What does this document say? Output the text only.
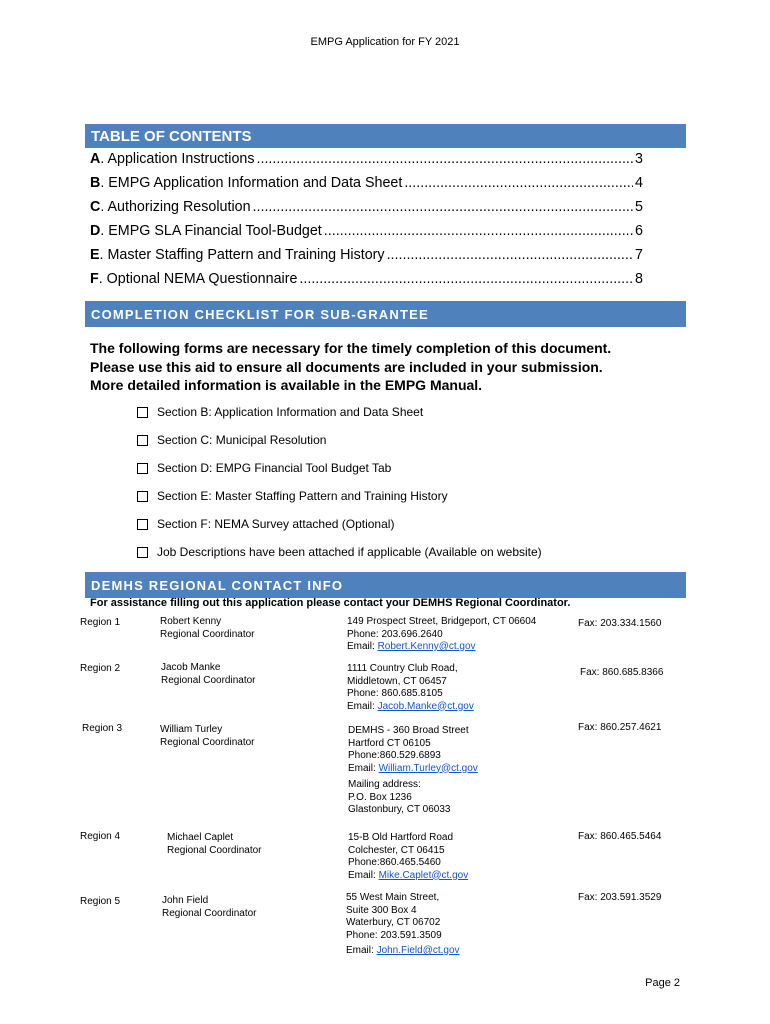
EMPG Application for FY 2021
TABLE OF CONTENTS
A. Application Instructions .....	3
B. EMPG Application Information and Data Sheet .....	4
C. Authorizing Resolution .....	5
D. EMPG SLA Financial Tool-Budget .....	6
E. Master Staffing Pattern and Training History .....	7
F. Optional NEMA Questionnaire .....	8
COMPLETION CHECKLIST FOR SUB-GRANTEE
The following forms are necessary for the timely completion of this document.
Please use this aid to ensure all documents are included in your submission.
More detailed information is available in the EMPG Manual.
Section B: Application Information and Data Sheet
Section C: Municipal Resolution
Section D: EMPG Financial Tool Budget Tab
Section E: Master Staffing Pattern and Training History
Section F: NEMA Survey attached (Optional)
Job Descriptions have been attached if applicable (Available on website)
DEMHS REGIONAL CONTACT INFO
For assistance filling out this application please contact your DEMHS Regional Coordinator.
Region 1	Robert Kenny
Regional Coordinator
149 Prospect Street, Bridgeport, CT 06604
Phone: 203.696.2640
Email: Robert.Kenny@ct.gov
Fax: 203.334.1560
Region 2	Jacob Manke
Regional Coordinator
1111 Country Club Road,
Middletown, CT 06457
Phone: 860.685.8105
Email: Jacob.Manke@ct.gov
Fax: 860.685.8366
Region 3	William Turley
Regional Coordinator
DEMHS - 360 Broad Street
Hartford CT 06105
Phone:860.529.6893
Email: William.Turley@ct.gov
Fax: 860.257.4621
Mailing address:
P.O. Box 1236
Glastonbury, CT 06033
Region 4	Michael Caplet
Regional Coordinator
15-B Old Hartford Road
Colchester, CT 06415
Phone:860.465.5460
Email: Mike.Caplet@ct.gov
Fax: 860.465.5464
Region 5	John Field
Regional Coordinator
55 West Main Street,
Suite 300 Box 4
Waterbury, CT 06702
Phone: 203.591.3509
Email: John.Field@ct.gov
Fax: 203.591.3529
Page 2
